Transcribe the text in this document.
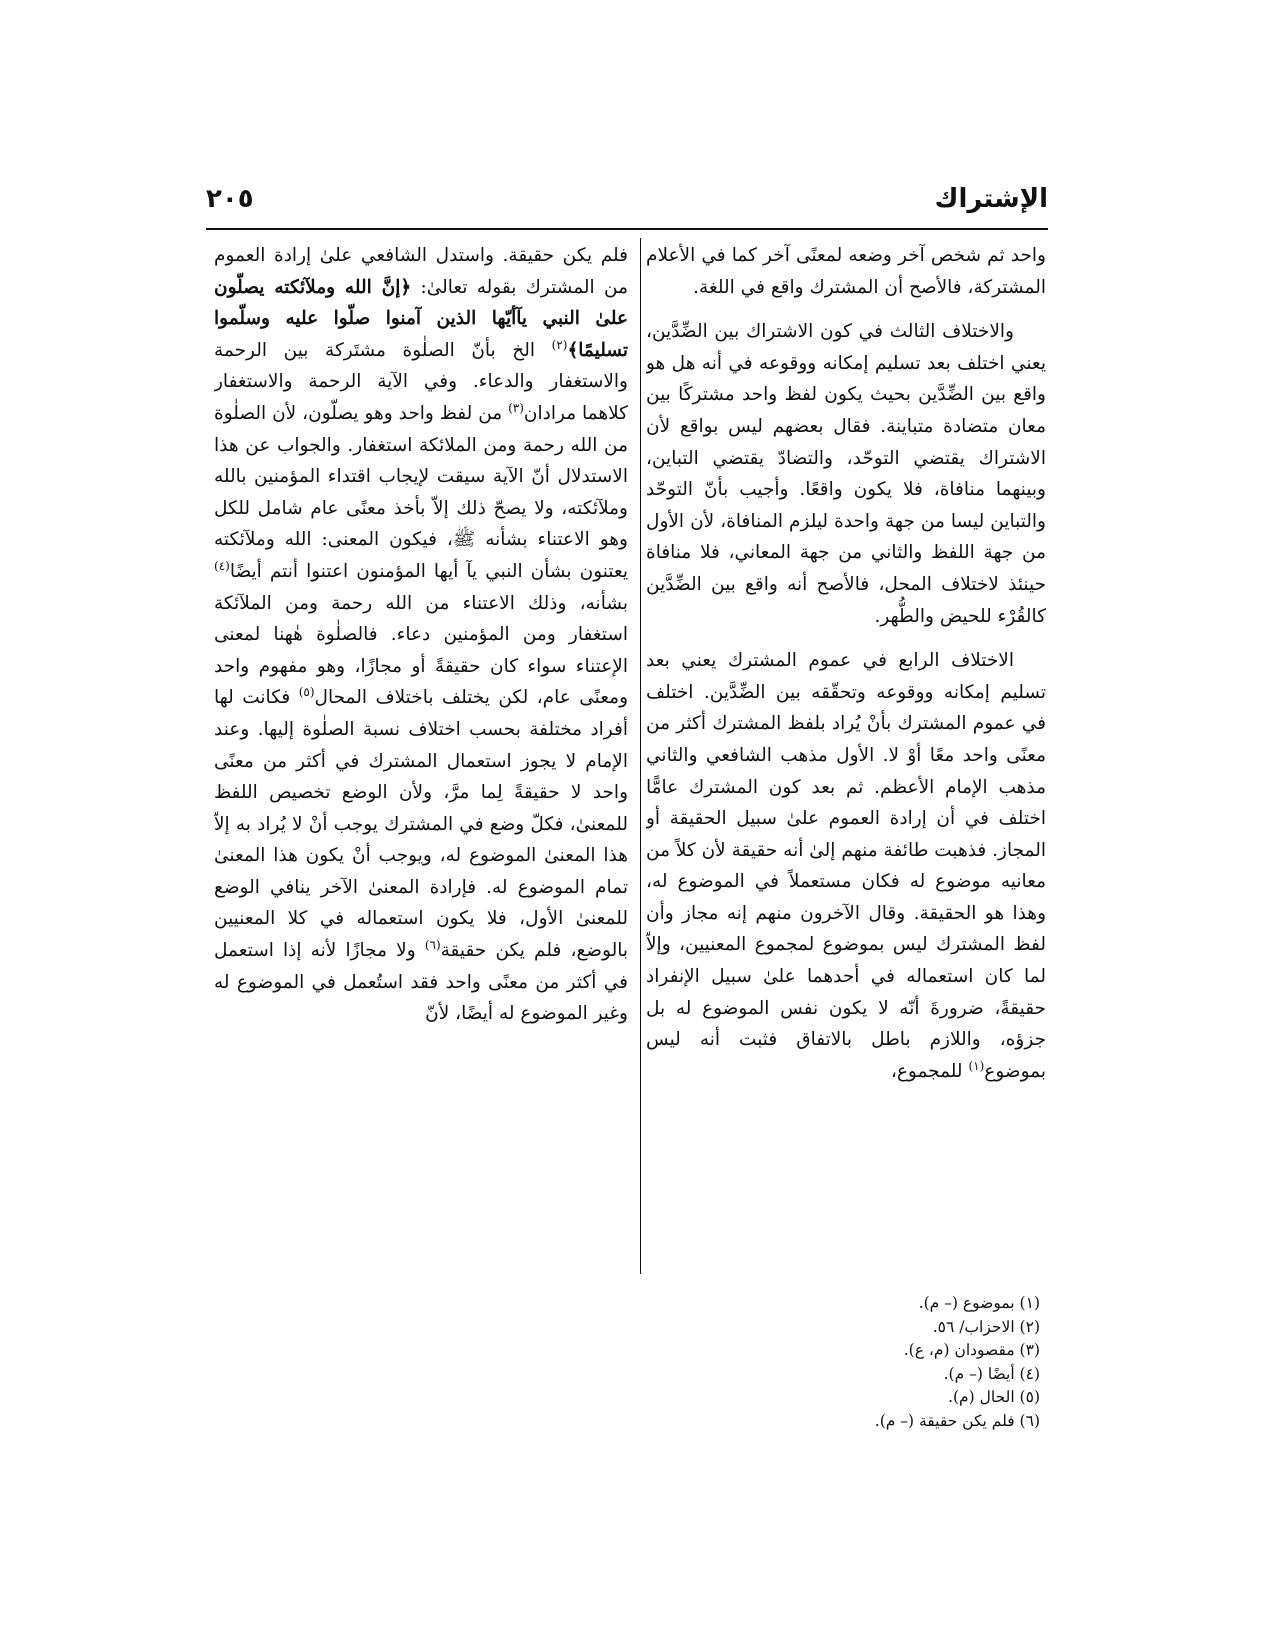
الإشتراك
٢٠٥

واحد ثم شخص آخر وضعه لمعنًى آخر كما في الأعلام المشتركة، فالأصح أن المشترك واقع في اللغة.

والاختلاف الثالث في كون الاشتراك بين الضِّدَّين، يعني اختلف بعد تسليم إمكانه ووقوعه في أنه هل هو واقع بين الضِّدَّين بحيث يكون لفظ واحد مشتركًا بين معان متضادة متباينة. فقال بعضهم ليس بواقع لأن الاشتراك يقتضي التوحّد، والتضادّ يقتضي التباين، وبينهما منافاة، فلا يكون واقعًا. وأجيب بأنّ التوحّد والتباين ليسا من جهة واحدة ليلزم المنافاة، لأن الأول من جهة اللفظ والثاني من جهة المعاني، فلا منافاة حينئذ لاختلاف المحل، فالأصح أنه واقع بين الضِّدَّين كالقُرْء للحيض والطُّهر.

الاختلاف الرابع في عموم المشترك يعني بعد تسليم إمكانه ووقوعه وتحقّقه بين الضِّدَّين. اختلف في عموم المشترك بأنْ يُراد بلفظ المشترك أكثر من معنًى واحد معًا أوْ لا. الأول مذهب الشافعي والثاني مذهب الإمام الأعظم. ثم بعد كون المشترك عامًّا اختلف في أن إرادة العموم علىٰ سبيل الحقيقة أو المجاز. فذهبت طائفة منهم إلىٰ أنه حقيقة لأن كلاً من معانيه موضوع له فكان مستعملاً في الموضوع له، وهذا هو الحقيقة. وقال الآخرون منهم إنه مجاز وأن لفظ المشترك ليس بموضوع لمجموع المعنيين، وإلاّ لما كان استعماله في أحدهما علىٰ سبيل الإنفراد حقيقةً، ضرورةَ أنّه لا يكون نفس الموضوع له بل جزؤه، واللازم باطل بالاتفاق فثبت أنه ليس بموضوع$^{(١)}$ للمجموع،

فلم يكن حقيقة. واستدل الشافعي علىٰ إرادة العموم من المشترك بقوله تعالىٰ: ﴿إنَّ الله وملآئكته يصلّون علىٰ النبي يآأيّها الذين آمنوا صلّوا عليه وسلّموا تسليمًا﴾$^{(٢)}$ الخ بأنّ الصلٰوة مشتَركة بين الرحمة والاستغفار والدعاء. وفي الآية الرحمة والاستغفار كلاهما مرادان$^{(٣)}$ من لفظ واحد وهو يصلّون، لأن الصلٰوة من الله رحمة ومن الملائكة استغفار. والجواب عن هذا الاستدلال أنّ الآية سيقت لإيجاب اقتداء المؤمنين بالله وملآئكته، ولا يصحّ ذلك إلاّ بأخذ معنًى عام شامل للكل وهو الاعتناء بشأنه ﷺ، فيكون المعنى: الله وملآئكته يعتنون بشأن النبي يآ أيها المؤمنون اعتنوا أنتم أيضًا$^{(٤)}$ بشأنه، وذلك الاعتناء من الله رحمة ومن الملآئكة استغفار ومن المؤمنين دعاء. فالصلٰوة هٰهنا لمعنى الإعتناء سواء كان حقيقةً أو مجازًا، وهو مفهوم واحد ومعنًى عام، لكن يختلف باختلاف المحال$^{(٥)}$ فكانت لها أفراد مختلفة بحسب اختلاف نسبة الصلٰوة إليها. وعند الإمام لا يجوز استعمال المشترك في أكثر من معنًى واحد لا حقيقةً لِما مرَّ، ولأن الوضع تخصيص اللفظ للمعنىٰ، فكلّ وضع في المشترك يوجب أنْ لا يُراد به إلاّ هذا المعنىٰ الموضوع له، ويوجب أنْ يكون هذا المعنىٰ تمام الموضوع له. فإرادة المعنىٰ الآخر ينافي الوضع للمعنىٰ الأول، فلا يكون استعماله في كلا المعنيين بالوضع، فلم يكن حقيقة$^{(٦)}$ ولا مجازًا لأنه إذا استعمل في أكثر من معنًى واحد فقد استُعمل في الموضوع له وغير الموضوع له أيضًا، لأنّ

(١) بموضوع (– م).
(٢) الاحزاب/ ٥٦.
(٣) مقصودان (م، ع).
(٤) أيضًا (– م).
(٥) الحال (م).
(٦) فلم يكن حقيقة (– م).
